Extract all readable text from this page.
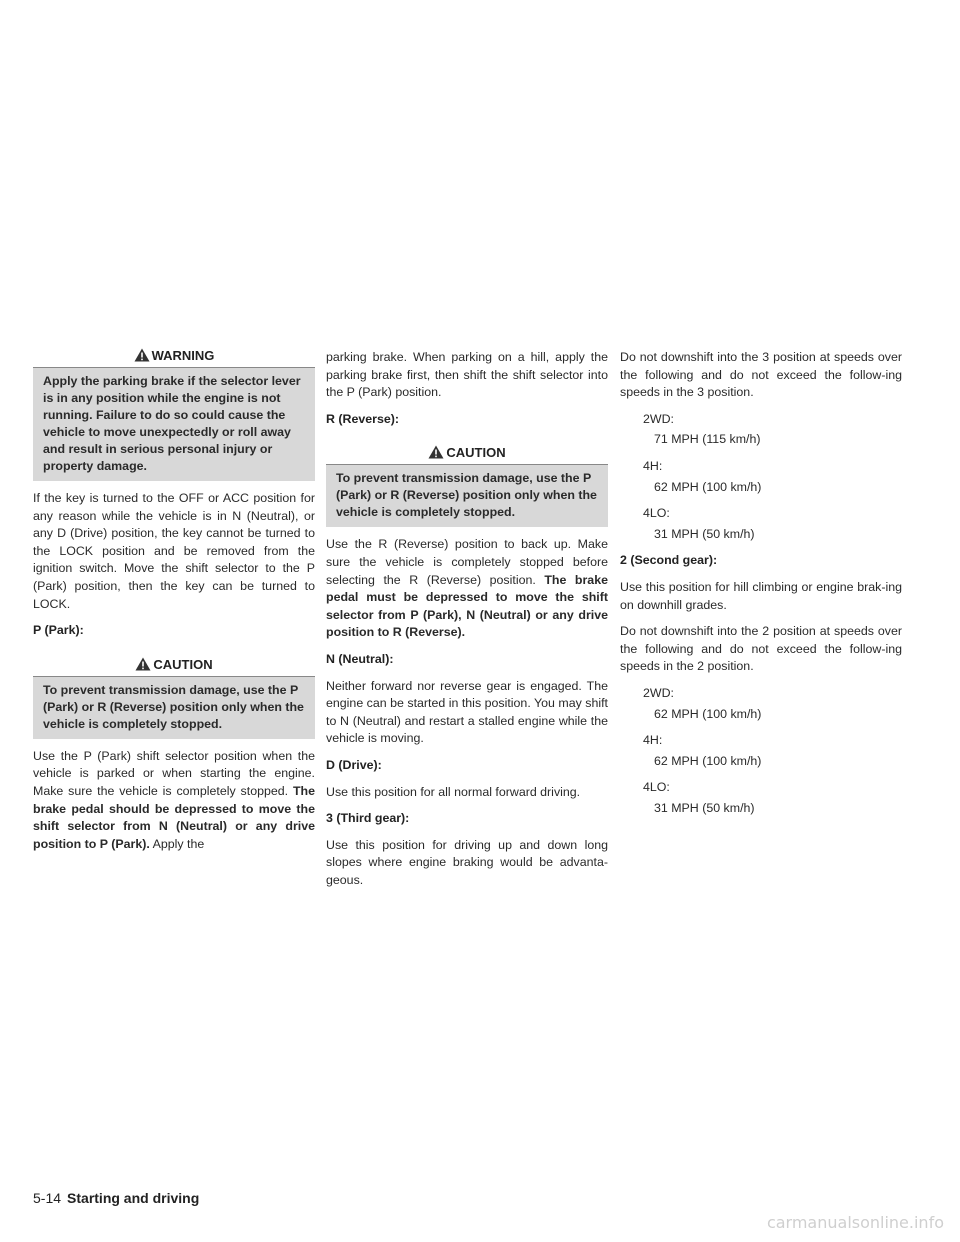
WARNING
Apply the parking brake if the selector lever is in any position while the engine is not running. Failure to do so could cause the vehicle to move unexpectedly or roll away and result in serious personal injury or property damage.

If the key is turned to the OFF or ACC position for any reason while the vehicle is in N (Neutral), or any D (Drive) position, the key cannot be turned to the LOCK position and be removed from the ignition switch. Move the shift selector to the P (Park) position, then the key can be turned to LOCK.

P (Park):
CAUTION
To prevent transmission damage, use the P (Park) or R (Reverse) position only when the vehicle is completely stopped.

Use the P (Park) shift selector position when the vehicle is parked or when starting the engine. Make sure the vehicle is completely stopped. The brake pedal should be depressed to move the shift selector from N (Neutral) or any drive position to P (Park). Apply the

parking brake. When parking on a hill, apply the parking brake first, then shift the shift selector into the P (Park) position.

R (Reverse):
CAUTION
To prevent transmission damage, use the P (Park) or R (Reverse) position only when the vehicle is completely stopped.

Use the R (Reverse) position to back up. Make sure the vehicle is completely stopped before selecting the R (Reverse) position. The brake pedal must be depressed to move the shift selector from P (Park), N (Neutral) or any drive position to R (Reverse).

N (Neutral):

Neither forward nor reverse gear is engaged. The engine can be started in this position. You may shift to N (Neutral) and restart a stalled engine while the vehicle is moving.

D (Drive):

Use this position for all normal forward driving.

3 (Third gear):

Use this position for driving up and down long slopes where engine braking would be advanta-geous.

Do not downshift into the 3 position at speeds over the following and do not exceed the follow-ing speeds in the 3 position.

2WD:
71 MPH (115 km/h)
4H:
62 MPH (100 km/h)
4LO:
31 MPH (50 km/h)
2 (Second gear):

Use this position for hill climbing or engine brak-ing on downhill grades.

Do not downshift into the 2 position at speeds over the following and do not exceed the follow-ing speeds in the 2 position.

2WD:
62 MPH (100 km/h)
4H:
62 MPH (100 km/h)
4LO:
31 MPH (50 km/h)
5-14 Starting and driving
carmanualsonline.info
